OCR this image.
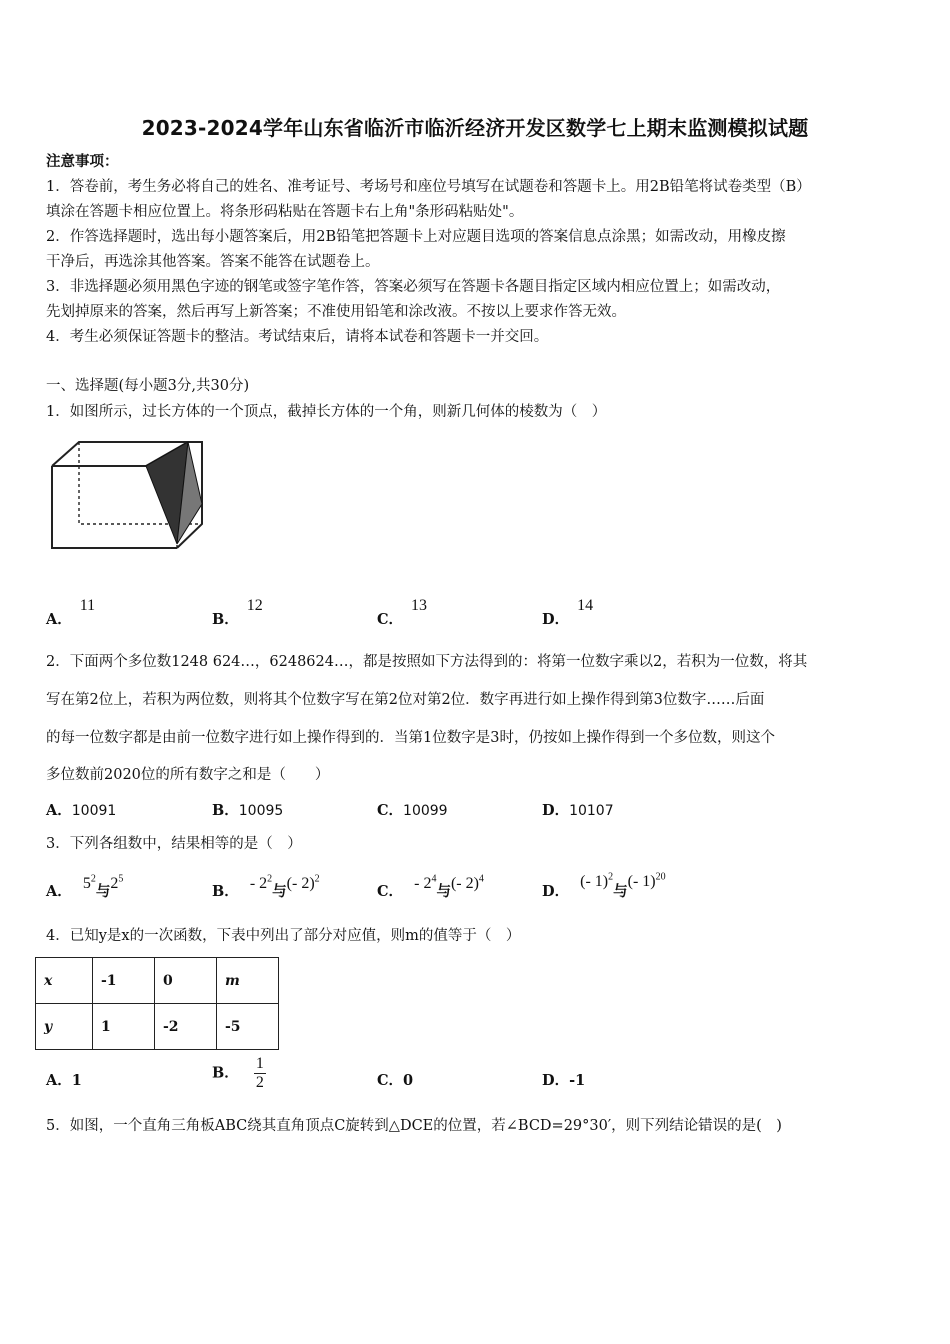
2023-2024学年山东省临沂市临沂经济开发区数学七上期末监测模拟试题
注意事项：
1．答卷前，考生务必将自己的姓名、准考证号、考场号和座位号填写在试题卷和答题卡上。用2B铅笔将试卷类型（B）
填涂在答题卡相应位置上。将条形码粘贴在答题卡右上角"条形码粘贴处"。
2．作答选择题时，选出每小题答案后，用2B铅笔把答题卡上对应题目选项的答案信息点涂黑；如需改动，用橡皮擦
干净后，再选涂其他答案。答案不能答在试题卷上。
3．非选择题必须用黑色字迹的钢笔或签字笔作答，答案必须写在答题卡各题目指定区域内相应位置上；如需改动，
先划掉原来的答案，然后再写上新答案；不准使用铅笔和涂改液。不按以上要求作答无效。
4．考生必须保证答题卡的整洁。考试结束后，请将本试卷和答题卡一并交回。
一、选择题(每小题3分,共30分)
1．如图所示，过长方体的一个顶点，截掉长方体的一个角，则新几何体的棱数为（　）
A．11
B．12
C．13
D．14
2．下面两个多位数1248 624…，6248624…，都是按照如下方法得到的：将第一位数字乘以2，若积为一位数，将其
写在第2位上，若积为两位数，则将其个位数字写在第2位对第2位．数字再进行如上操作得到第3位数字……后面
的每一位数字都是由前一位数字进行如上操作得到的．当第1位数字是3时，仍按如上操作得到一个多位数，则这个
多位数前2020位的所有数字之和是（　　）
A．10091	B．10095	C．10099	D．10107
3．下列各组数中，结果相等的是（　）
A． $5^2$与$2^5$
B． - $2^2$与(- 2)$^2$
C． - $2^4$与(- 2)$^4$
D． (- 1)$^2$与(- 1)$^{20}$
4．已知y是x的一次函数，下表中列出了部分对应值，则m的值等于（　）
x	-1	0	m
y	1	-2	-5
A．1	B． $\frac{1}{2}$	C．0	D．-1
5．如图，一个直角三角板ABC绕其直角顶点C旋转到△DCE的位置，若∠BCD=29°30′，则下列结论错误的是(　)
